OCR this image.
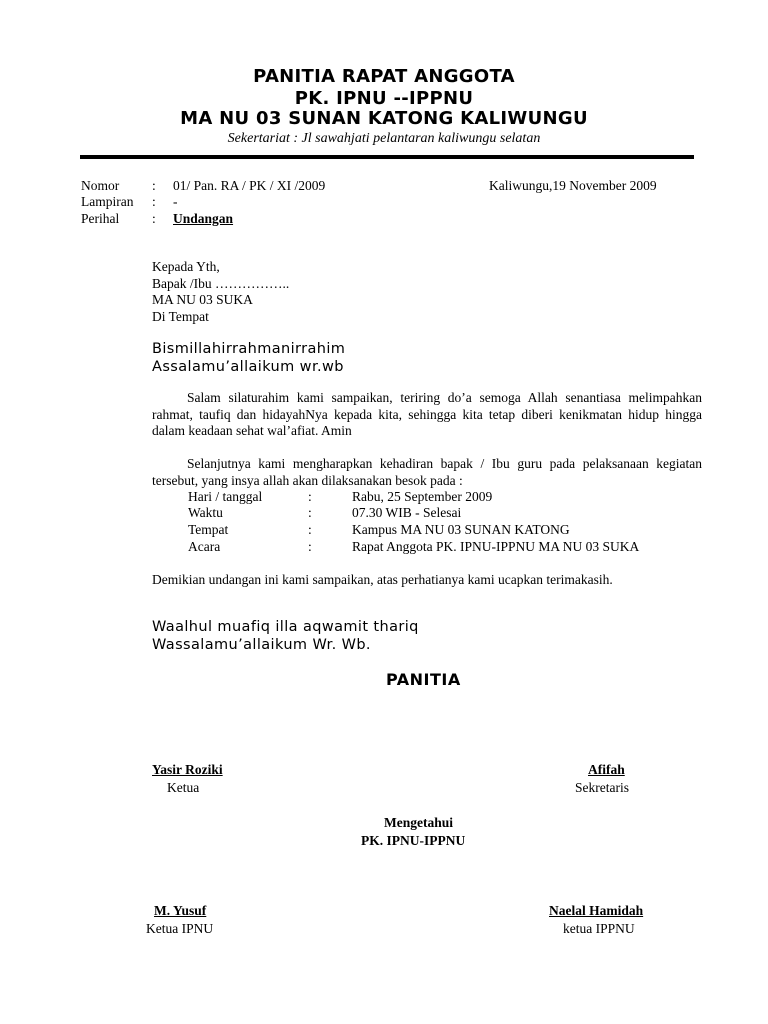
PANITIA RAPAT ANGGOTA
PK. IPNU --IPPNU
MA NU 03 SUNAN KATONG KALIWUNGU
Sekertariat : Jl sawahjati pelantaran kaliwungu selatan
Nomor : 01/ Pan. RA / PK / XI /2009	Kaliwungu,19 November 2009
Lampiran : -
Perihal : Undangan
Kepada Yth,
Bapak /Ibu ……………..
MA NU 03 SUKA
Di Tempat
Bismillahirrahmanirrahim
Assalamu’allaikum wr.wb
Salam silaturahim kami sampaikan, teriring do’a semoga Allah senantiasa melimpahkan rahmat, taufiq dan hidayahNya kepada kita, sehingga kita tetap diberi kenikmatan hidup hingga dalam keadaan sehat wal’afiat. Amin
Selanjutnya kami mengharapkan kehadiran bapak / Ibu guru pada pelaksanaan kegiatan tersebut, yang insya allah akan dilaksanakan besok pada :
Hari / tanggal	:	Rabu, 25 September 2009
Waktu	:	07.30 WIB - Selesai
Tempat	:	Kampus MA NU 03 SUNAN KATONG
Acara	:	Rapat Anggota PK. IPNU-IPPNU MA NU 03 SUKA
Demikian undangan ini kami sampaikan, atas perhatianya kami ucapkan terimakasih.
Waalhul muafiq illa aqwamit thariq
Wassalamu’allaikum Wr. Wb.
PANITIA
Yasir Roziki
Ketua
Afifah
Sekretaris
Mengetahui
PK. IPNU-IPPNU
M. Yusuf
Ketua IPNU
Naelal Hamidah
ketua IPPNU
